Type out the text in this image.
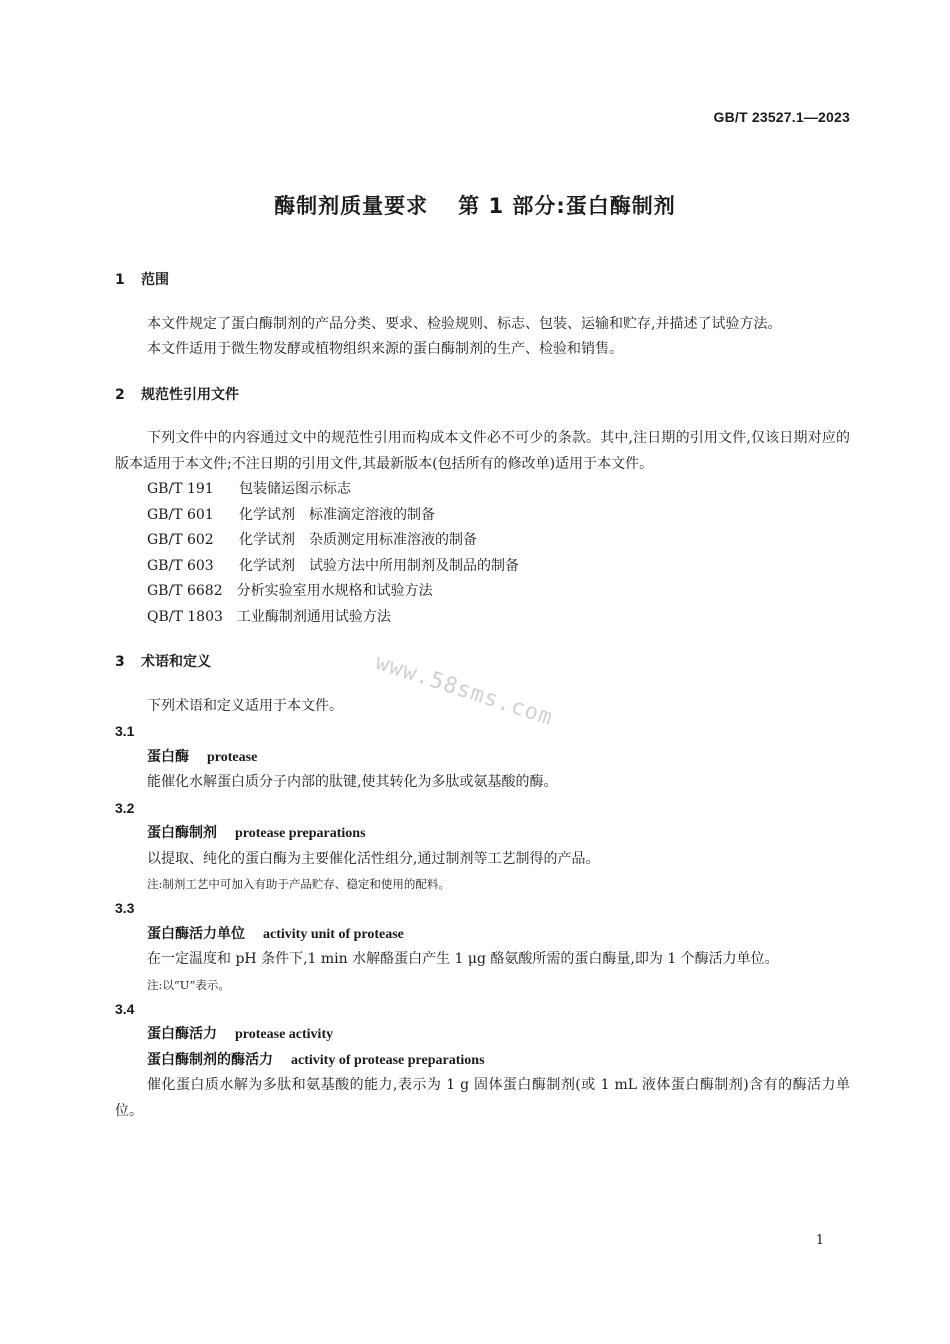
GB/T 23527.1—2023
酶制剂质量要求 第 1 部分:蛋白酶制剂
1 范围
本文件规定了蛋白酶制剂的产品分类、要求、检验规则、标志、包装、运输和贮存,并描述了试验方法。
本文件适用于微生物发酵或植物组织来源的蛋白酶制剂的生产、检验和销售。
2 规范性引用文件
下列文件中的内容通过文中的规范性引用而构成本文件必不可少的条款。其中,注日期的引用文件,仅该日期对应的版本适用于本文件;不注日期的引用文件,其最新版本(包括所有的修改单)适用于本文件。
GB/T 191 包装储运图示标志
GB/T 601 化学试剂　标准滴定溶液的制备
GB/T 602 化学试剂　杂质测定用标准溶液的制备
GB/T 603 化学试剂　试验方法中所用制剂及制品的制备
GB/T 6682 分析实验室用水规格和试验方法
QB/T 1803 工业酶制剂通用试验方法
3 术语和定义
下列术语和定义适用于本文件。
3.1
蛋白酶 protease
能催化水解蛋白质分子内部的肽键,使其转化为多肽或氨基酸的酶。
3.2
蛋白酶制剂 protease preparations
以提取、纯化的蛋白酶为主要催化活性组分,通过制剂等工艺制得的产品。
注:制剂工艺中可加入有助于产品贮存、稳定和使用的配料。
3.3
蛋白酶活力单位 activity unit of protease
在一定温度和 pH 条件下,1 min 水解酪蛋白产生 1 μg 酪氨酸所需的蛋白酶量,即为 1 个酶活力单位。
注:以“U”表示。
3.4
蛋白酶活力 protease activity
蛋白酶制剂的酶活力 activity of protease preparations
催化蛋白质水解为多肽和氨基酸的能力,表示为 1 g 固体蛋白酶制剂(或 1 mL 液体蛋白酶制剂)含有的酶活力单位。
www.58sms.com
1
